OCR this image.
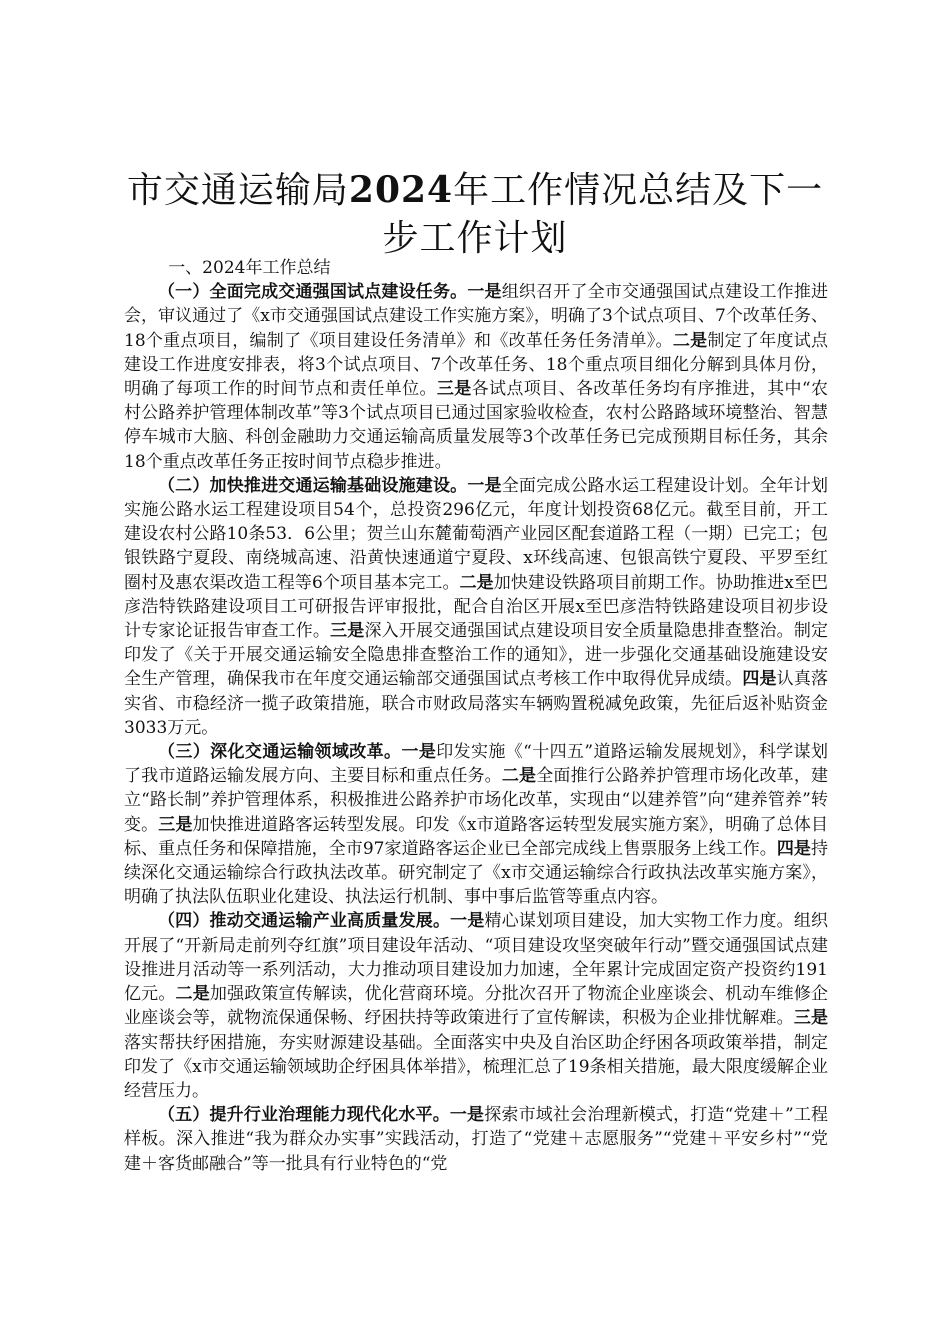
市交通运输局2024年工作情况总结及下一步工作计划

一、2024年工作总结

（一）全面完成交通强国试点建设任务。一是组织召开了全市交通强国试点建设工作推进会，审议通过了《x市交通强国试点建设工作实施方案》，明确了3个试点项目、7个改革任务、18个重点项目，编制了《项目建设任务清单》和《改革任务任务清单》。二是制定了年度试点建设工作进度安排表，将3个试点项目、7个改革任务、18个重点项目细化分解到具体月份，明确了每项工作的时间节点和责任单位。三是各试点项目、各改革任务均有序推进，其中“农村公路养护管理体制改革”等3个试点项目已通过国家验收检查，农村公路路域环境整治、智慧停车城市大脑、科创金融助力交通运输高质量发展等3个改革任务已完成预期目标任务，其余18个重点改革任务正按时间节点稳步推进。

（二）加快推进交通运输基础设施建设。一是全面完成公路水运工程建设计划。全年计划实施公路水运工程建设项目54个，总投资296亿元，年度计划投资68亿元。截至目前，开工建设农村公路10条53．6公里；贺兰山东麓葡萄酒产业园区配套道路工程（一期）已完工；包银铁路宁夏段、南绕城高速、沿黄快速通道宁夏段、x环线高速、包银高铁宁夏段、平罗至红圈村及惠农渠改造工程等6个项目基本完工。二是加快建设铁路项目前期工作。协助推进x至巴彦浩特铁路建设项目工可研报告评审报批，配合自治区开展x至巴彦浩特铁路建设项目初步设计专家论证报告审查工作。三是深入开展交通强国试点建设项目安全质量隐患排查整治。制定印发了《关于开展交通运输安全隐患排查整治工作的通知》，进一步强化交通基础设施建设安全生产管理，确保我市在年度交通运输部交通强国试点考核工作中取得优异成绩。四是认真落实省、市稳经济一揽子政策措施，联合市财政局落实车辆购置税减免政策，先征后返补贴资金3033万元。

（三）深化交通运输领域改革。一是印发实施《“十四五”道路运输发展规划》，科学谋划了我市道路运输发展方向、主要目标和重点任务。二是全面推行公路养护管理市场化改革，建立“路长制”养护管理体系，积极推进公路养护市场化改革，实现由“以建养管”向“建养管养”转变。三是加快推进道路客运转型发展。印发《x市道路客运转型发展实施方案》，明确了总体目标、重点任务和保障措施，全市97家道路客运企业已全部完成线上售票服务上线工作。四是持续深化交通运输综合行政执法改革。研究制定了《x市交通运输综合行政执法改革实施方案》，明确了执法队伍职业化建设、执法运行机制、事中事后监管等重点内容。

（四）推动交通运输产业高质量发展。一是精心谋划项目建设，加大实物工作力度。组织开展了“开新局走前列夺红旗”项目建设年活动、“项目建设攻坚突破年行动”暨交通强国试点建设推进月活动等一系列活动，大力推动项目建设加力加速，全年累计完成固定资产投资约191亿元。二是加强政策宣传解读，优化营商环境。分批次召开了物流企业座谈会、机动车维修企业座谈会等，就物流保通保畅、纾困扶持等政策进行了宣传解读，积极为企业排忧解难。三是落实帮扶纾困措施，夯实财源建设基础。全面落实中央及自治区助企纾困各项政策举措，制定印发了《x市交通运输领域助企纾困具体举措》，梳理汇总了19条相关措施，最大限度缓解企业经营压力。

（五）提升行业治理能力现代化水平。一是探索市域社会治理新模式，打造“党建＋”工程样板。深入推进“我为群众办实事”实践活动，打造了“党建＋志愿服务”“党建＋平安乡村”“党建＋客货邮融合”等一批具有行业特色的“党
